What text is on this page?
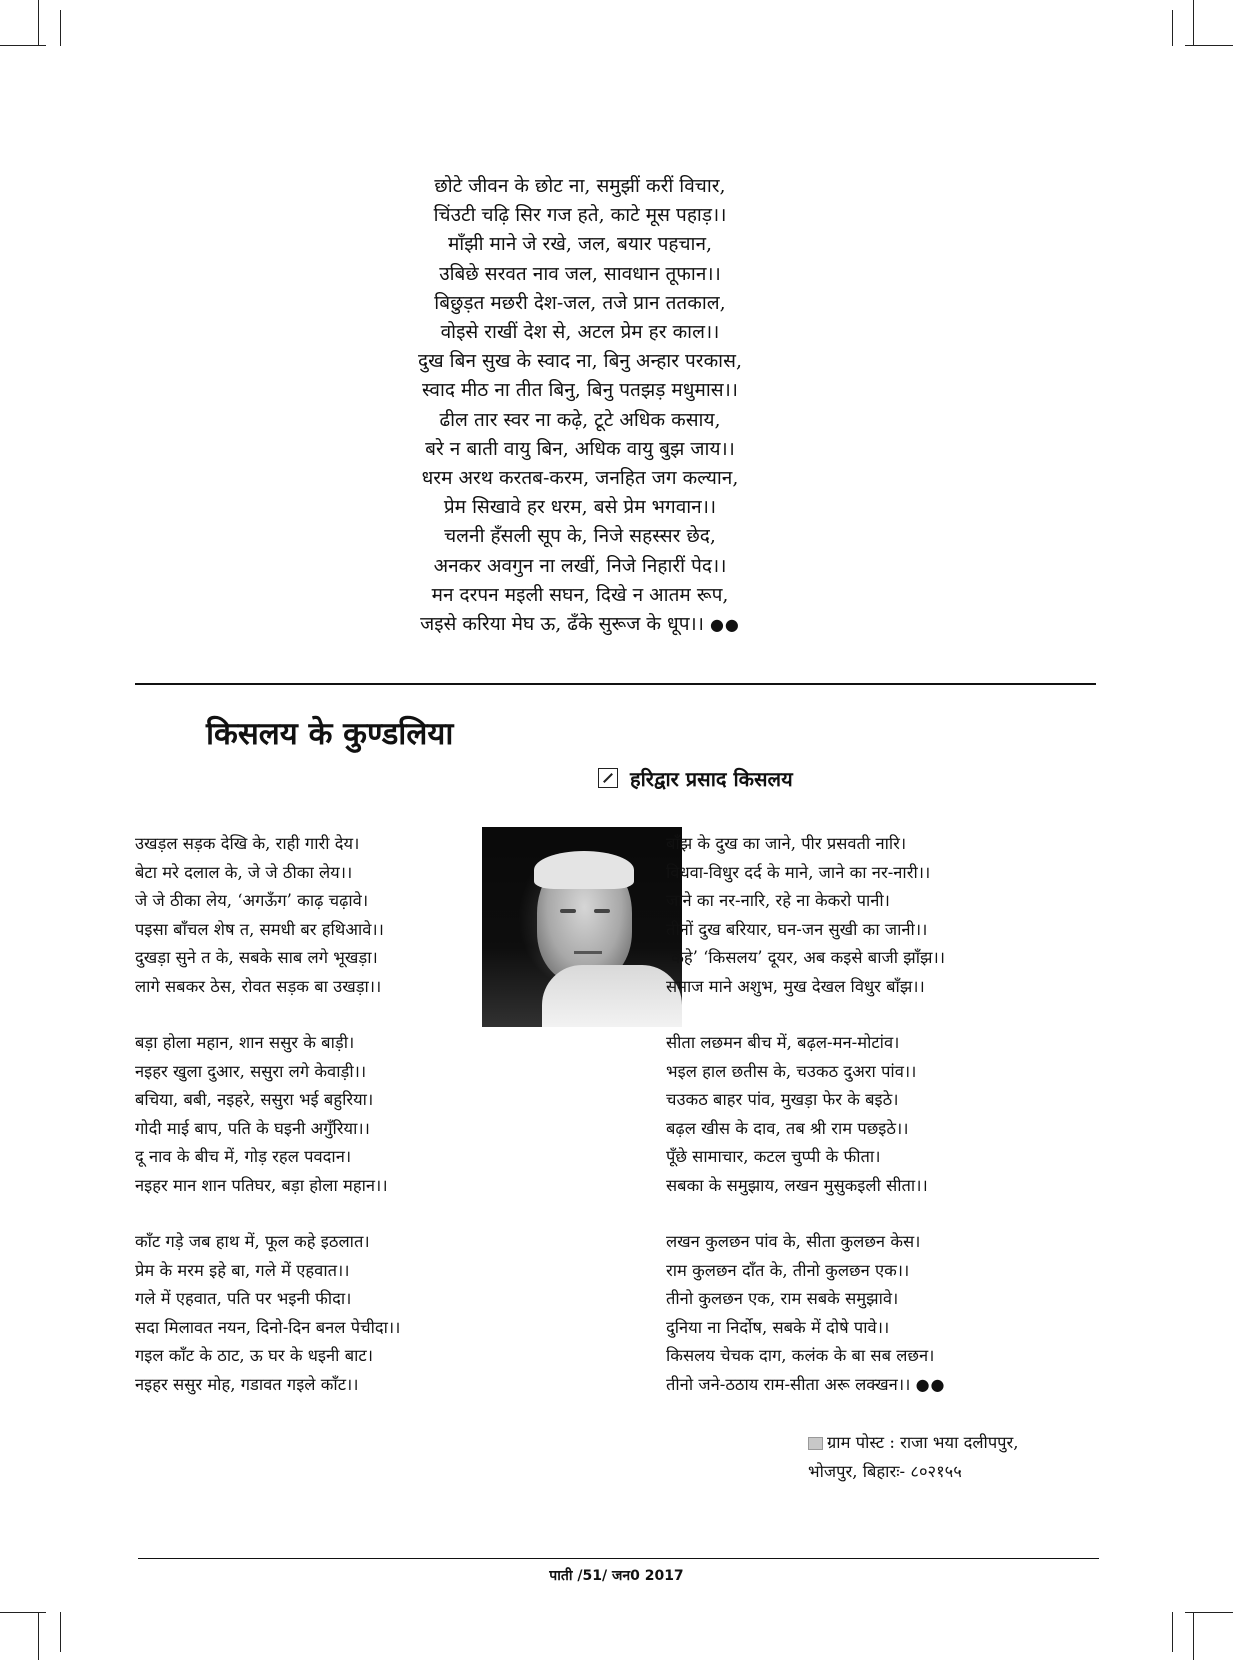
छोटे जीवन के छोट ना, समुझीं करीं विचार,
चिंउटी चढ़ि सिर गज हते, काटे मूस पहाड़।।
माँझी माने जे रखे, जल, बयार पहचान,
उबिछे सरवत नाव जल, सावधान तूफान।।
बिछुड़त मछरी देश-जल, तजे प्रान ततकाल,
वोइसे राखीं देश से, अटल प्रेम हर काल।।
दुख बिन सुख के स्वाद ना, बिनु अन्हार परकास,
स्वाद मीठ ना तीत बिनु, बिनु पतझड़ मधुमास।।
ढील तार स्वर ना कढ़े, टूटे अधिक कसाय,
बरे न बाती वायु बिन, अधिक वायु बुझ जाय।।
धरम अरथ करतब-करम, जनहित जग कल्यान,
प्रेम सिखावे हर धरम, बसे प्रेम भगवान।।
चलनी हँसली सूप के, निजे सहस्सर छेद,
अनकर अवगुन ना लखीं, निजे निहारीं पेद।।
मन दरपन मइली सघन, दिखे न आतम रूप,
जइसे करिया मेघ ऊ, ढँके सुरूज के धूप।। ●●
किसलय के कुण्डलिया
हरिद्वार प्रसाद किसलय
उखड़ल सड़क देखि के, राही गारी देय।
बेटा मरे दलाल के, जे जे ठीका लेय।।
जे जे ठीका लेय, ‘अगऊँग’ काढ़ चढ़ावे।
पइसा बाँचल शेष त, समधी बर हथिआवे।।
दुखड़ा सुने त के, सबके साब लगे भूखड़ा।
लागे सबकर ठेस, रोवत सड़क बा उखड़ा।।
बड़ा होला महान, शान ससुर के बाड़ी।
नइहर खुला दुआर, ससुरा लगे केवाड़ी।।
बचिया, बबी, नइहरे, ससुरा भई बहुरिया।
गोदी माई बाप, पति के घइनी अगुँरिया।।
दू नाव के बीच में, गोड़ रहल पवदान।
नइहर मान शान पतिघर, बड़ा होला महान।।
काँट गड़े जब हाथ में, फूल कहे इठलात।
प्रेम के मरम इहे बा, गले में एहवात।।
गले में एहवात, पति पर भइनी फीदा।
सदा मिलावत नयन, दिनो-दिन बनल पेचीदा।।
गइल काँट के ठाट, ऊ घर के धइनी बाट।
नइहर ससुर मोह, गडावत गइले काँट।।
बाँझ के दुख का जाने, पीर प्रसवती नारि।
विधवा-विधुर दर्द के माने, जाने का नर-नारी।।
जाने का नर-नारि, रहे ना केकरो पानी।
तीनों दुख बरियार, घन-जन सुखी का जानी।।
‘कहे’ ‘किसलय’ दूयर, अब कइसे बाजी झाँझ।।
समाज माने अशुभ, मुख देखल विधुर बाँझ।।
सीता लछमन बीच में, बढ़ल-मन-मोटांव।
भइल हाल छतीस के, चउकठ दुअरा पांव।।
चउकठ बाहर पांव, मुखड़ा फेर के बइठे।
बढ़ल खीस के दाव, तब श्री राम पछइठे।।
पूँछे सामाचार, कटल चुप्पी के फीता।
सबका के समुझाय, लखन मुसुकइली सीता।।
लखन कुलछन पांव के, सीता कुलछन केस।
राम कुलछन दाँत के, तीनो कुलछन एक।।
तीनो कुलछन एक, राम सबके समुझावे।
दुनिया ना निर्दोष, सबके में दोषे पावे।।
किसलय चेचक दाग, कलंक के बा सब लछन।
तीनो जने-ठठाय राम-सीता अरू लक्खन।। ●●
ग्राम पोस्ट : राजा भया दलीपपुर,
भोजपुर, बिहारः- ८०२१५५
पाती /51/ जन0 2017
